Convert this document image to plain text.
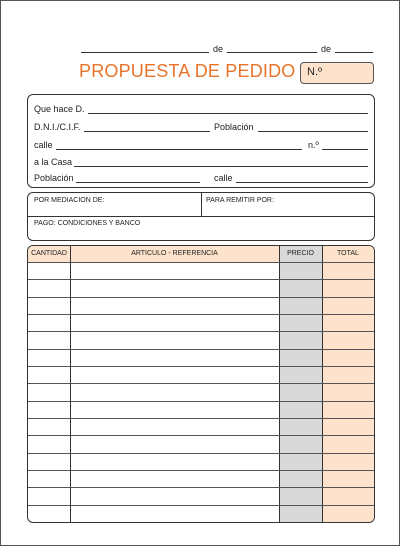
de	de
PROPUESTA DE PEDIDO N.º
Que hace D.
D.N.I./C.I.F.	Población
calle	n.º
a la Casa
Población	calle
POR MEDIACION DE:	PARA REMITIR POR:
PAGO: CONDICIONES Y BANCO
CANTIDAD	ARTICULO - REFERENCIA	PRECIO	TOTAL
